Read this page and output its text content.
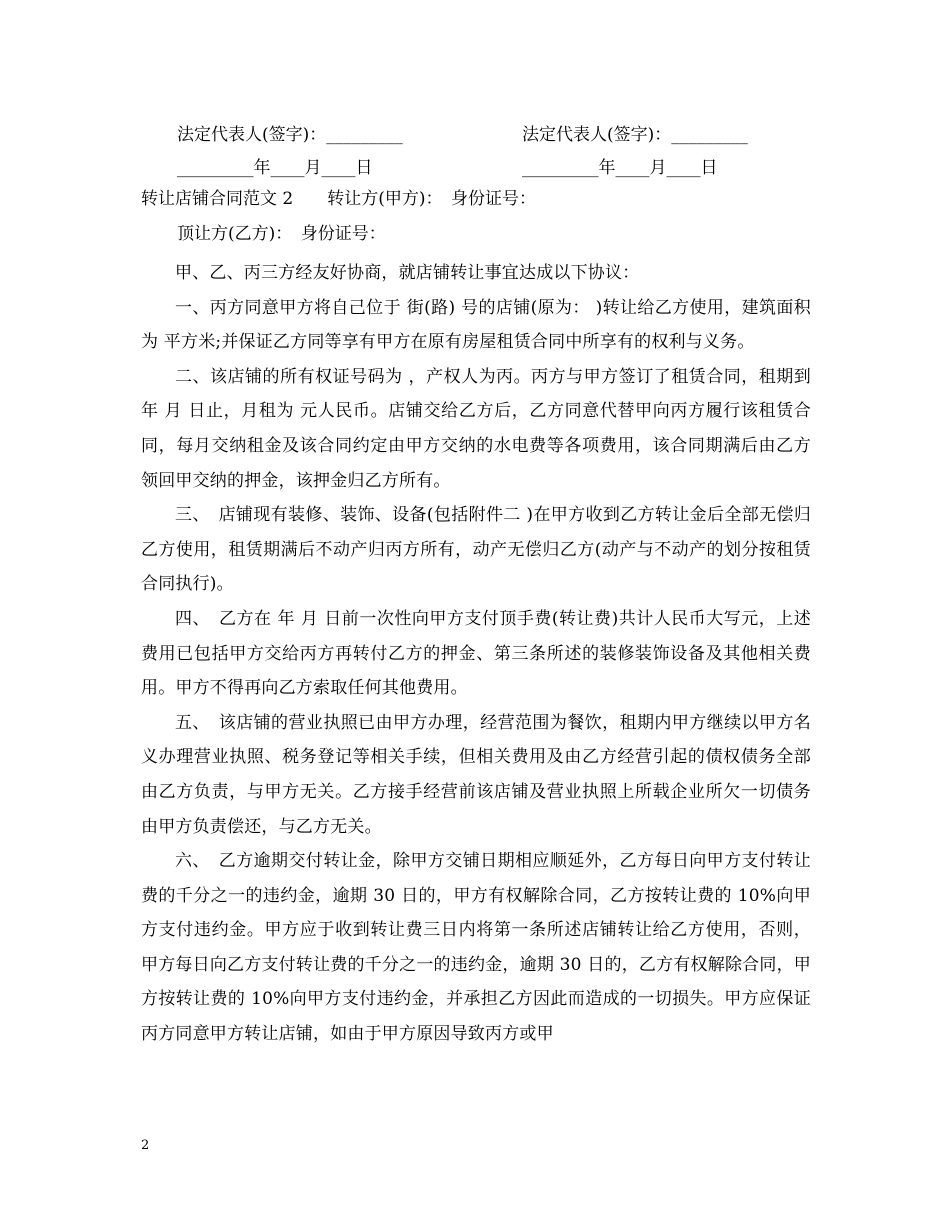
法定代表人(签字)：_________	法定代表人(签字)：_________
_________年____月____日	_________年____月____日
转让店铺合同范文 2　　转让方(甲方)：　身份证号：
顶让方(乙方)：　身份证号：

甲、乙、丙三方经友好协商，就店铺转让事宜达成以下协议：

一、丙方同意甲方将自己位于 街(路) 号的店铺(原为： )转让给乙方使用，建筑面积为 平方米;并保证乙方同等享有甲方在原有房屋租赁合同中所享有的权利与义务。

二、该店铺的所有权证号码为 ，产权人为丙。丙方与甲方签订了租赁合同，租期到 年 月 日止，月租为 元人民币。店铺交给乙方后，乙方同意代替甲向丙方履行该租赁合同，每月交纳租金及该合同约定由甲方交纳的水电费等各项费用，该合同期满后由乙方领回甲交纳的押金，该押金归乙方所有。

三、　店铺现有装修、装饰、设备(包括附件二 )在甲方收到乙方转让金后全部无偿归乙方使用，租赁期满后不动产归丙方所有，动产无偿归乙方(动产与不动产的划分按租赁合同执行)。

四、　乙方在 年 月 日前一次性向甲方支付顶手费(转让费)共计人民币大写元，上述费用已包括甲方交给丙方再转付乙方的押金、第三条所述的装修装饰设备及其他相关费用。甲方不得再向乙方索取任何其他费用。

五、　该店铺的营业执照已由甲方办理，经营范围为餐饮，租期内甲方继续以甲方名义办理营业执照、税务登记等相关手续，但相关费用及由乙方经营引起的债权债务全部由乙方负责，与甲方无关。乙方接手经营前该店铺及营业执照上所载企业所欠一切债务由甲方负责偿还，与乙方无关。

六、　乙方逾期交付转让金，除甲方交铺日期相应顺延外，乙方每日向甲方支付转让费的千分之一的违约金，逾期 30 日的，甲方有权解除合同，乙方按转让费的 10%向甲方支付违约金。甲方应于收到转让费三日内将第一条所述店铺转让给乙方使用，否则，甲方每日向乙方支付转让费的千分之一的违约金，逾期 30 日的，乙方有权解除合同，甲方按转让费的 10%向甲方支付违约金，并承担乙方因此而造成的一切损失。甲方应保证丙方同意甲方转让店铺，如由于甲方原因导致丙方或甲

2
